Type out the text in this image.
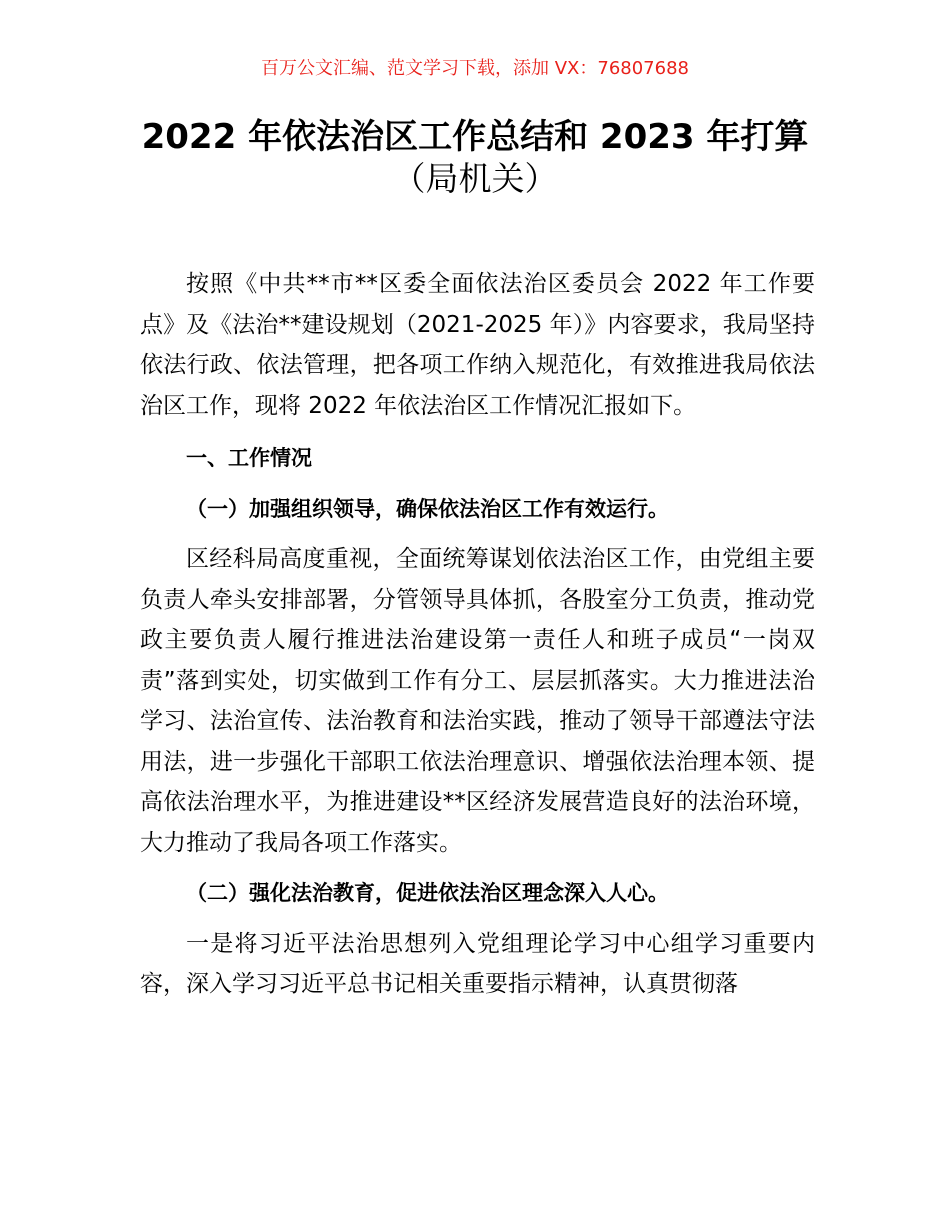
百万公文汇编、范文学习下载，添加 VX：76807688
2022 年依法治区工作总结和 2023 年打算
（局机关）

按照《中共**市**区委全面依法治区委员会 2022 年工作要点》及《法治**建设规划（2021-2025 年）》内容要求，我局坚持依法行政、依法管理，把各项工作纳入规范化，有效推进我局依法治区工作，现将 2022 年依法治区工作情况汇报如下。

一、工作情况

（一）加强组织领导，确保依法治区工作有效运行。

区经科局高度重视，全面统筹谋划依法治区工作，由党组主要负责人牵头安排部署，分管领导具体抓，各股室分工负责，推动党政主要负责人履行推进法治建设第一责任人和班子成员“一岗双责”落到实处，切实做到工作有分工、层层抓落实。大力推进法治学习、法治宣传、法治教育和法治实践，推动了领导干部遵法守法用法，进一步强化干部职工依法治理意识、增强依法治理本领、提高依法治理水平，为推进建设**区经济发展营造良好的法治环境，大力推动了我局各项工作落实。

（二）强化法治教育，促进依法治区理念深入人心。

一是将习近平法治思想列入党组理论学习中心组学习重要内容，深入学习习近平总书记相关重要指示精神，认真贯彻落
